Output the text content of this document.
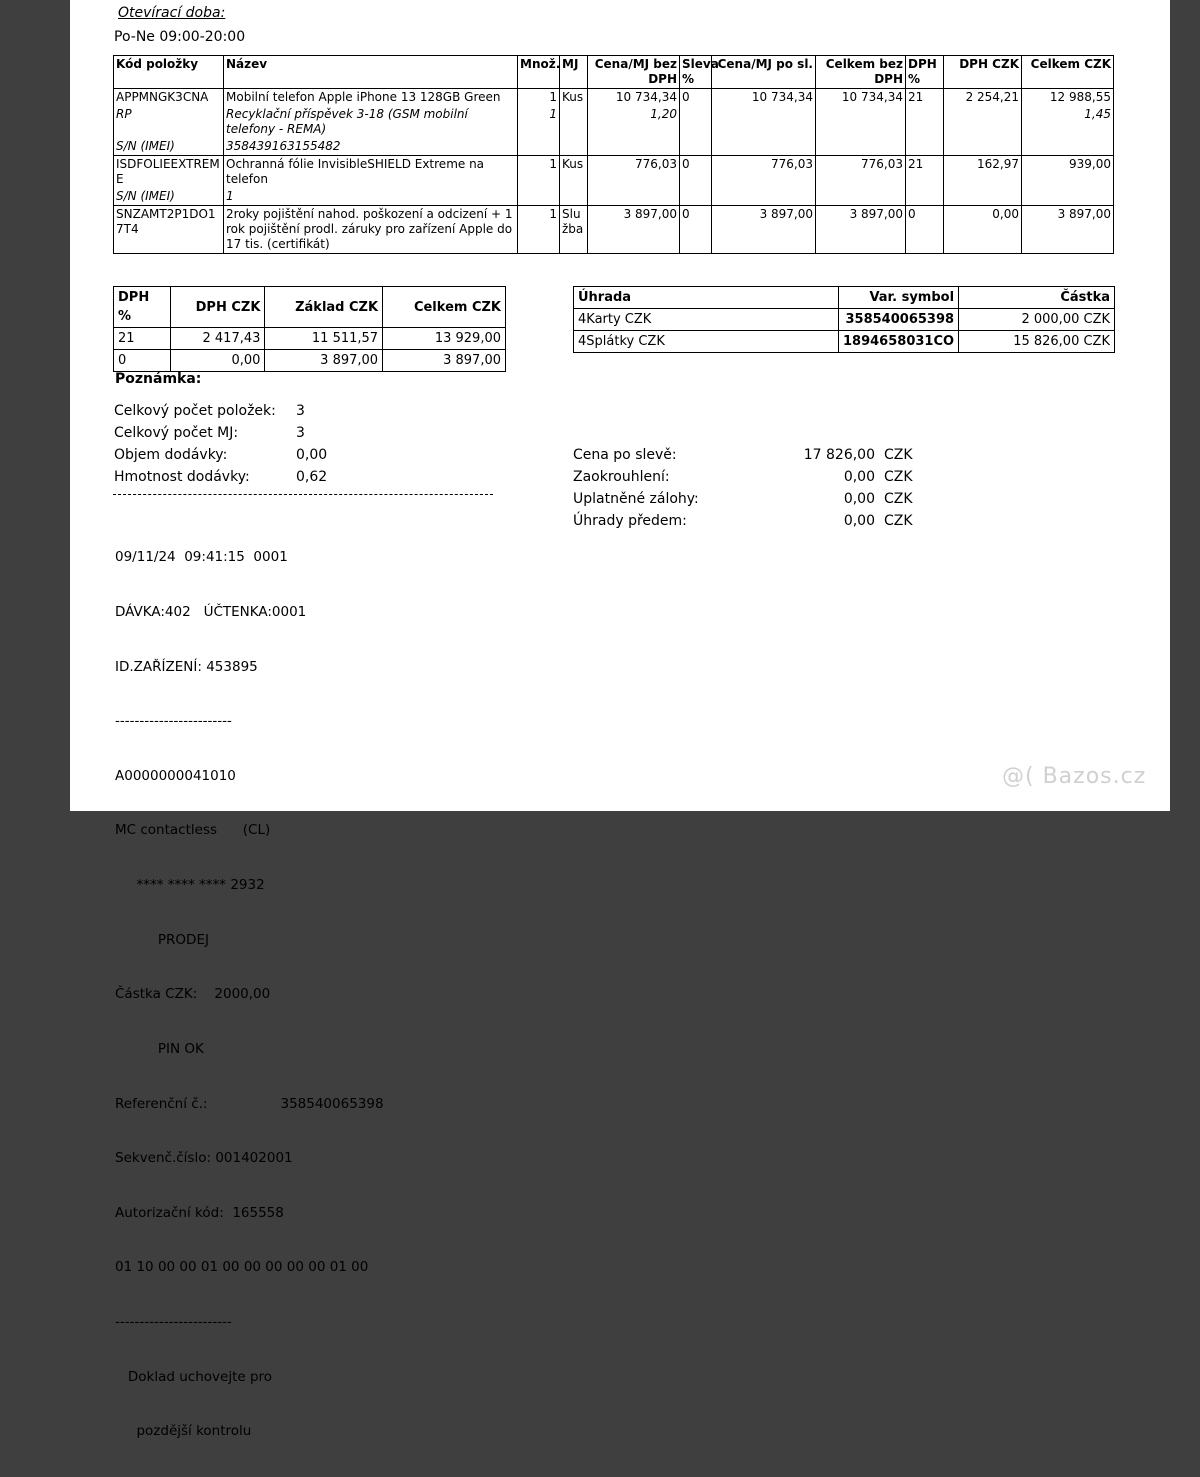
Otevírací doba:
Po-Ne 09:00-20:00
Kód položky	Název	Množ.	MJ	Cena/MJ bez DPH	Sleva %	Cena/MJ po sl.	Celkem bez DPH	DPH %	DPH CZK	Celkem CZK
APPMNGK3CNA	Mobilní telefon Apple iPhone 13 128GB Green	1	Kus	10 734,34	0	10 734,34	10 734,34	21	2 254,21	12 988,55
RP	Recyklační příspěvek 3-18 (GSM mobilní telefony - REMA)	1		1,20						1,45
S/N (IMEI)	358439163155482									
ISDFOLIEEXTREME	Ochranná fólie InvisibleSHIELD Extreme na telefon	1	Kus	776,03	0	776,03	776,03	21	162,97	939,00
S/N (IMEI)	1									
SNZAMT2P1DO17T4	2roky pojištění nahod. poškození a odcizení + 1 rok pojištění prodl. záruky pro zařízení Apple do 17 tis. (certifikát)	1	Služba	3 897,00	0	3 897,00	3 897,00	0	0,00	3 897,00
DPH %	DPH CZK	Základ CZK	Celkem CZK
21	2 417,43	11 511,57	13 929,00
0	0,00	3 897,00	3 897,00
Úhrada	Var. symbol	Částka
4Karty CZK	358540065398	2 000,00 CZK
4Splátky CZK	1894658031CO	15 826,00 CZK
Poznámka:
Celkový počet položek: 3
Celkový počet MJ:	3
Objem dodávky:	0,00
Hmotnost dodávky:	0,62
Cena po slevě:	17 826,00 CZK
Zaokrouhlení:	0,00 CZK
Uplatněné zálohy:	0,00 CZK
Úhrady předem:	0,00 CZK

09/11/24  09:41:15  0001

DÁVKA:402   ÚČTENKA:0001

ID.ZAŘÍZENÍ: 453895

------------------------

A0000000041010

MC contactless      (CL)

**** **** **** 2932

PRODEJ

Částka CZK:    2000,00

PIN OK

Referenční č.:                 358540065398

Sekvenč.číslo: 001402001

Autorizační kód:  165558

01 10 00 00 01 00 00 00 00 00 01 00

------------------------

Doklad uchovejte pro

pozdější kontrolu

@( Bazos.cz
